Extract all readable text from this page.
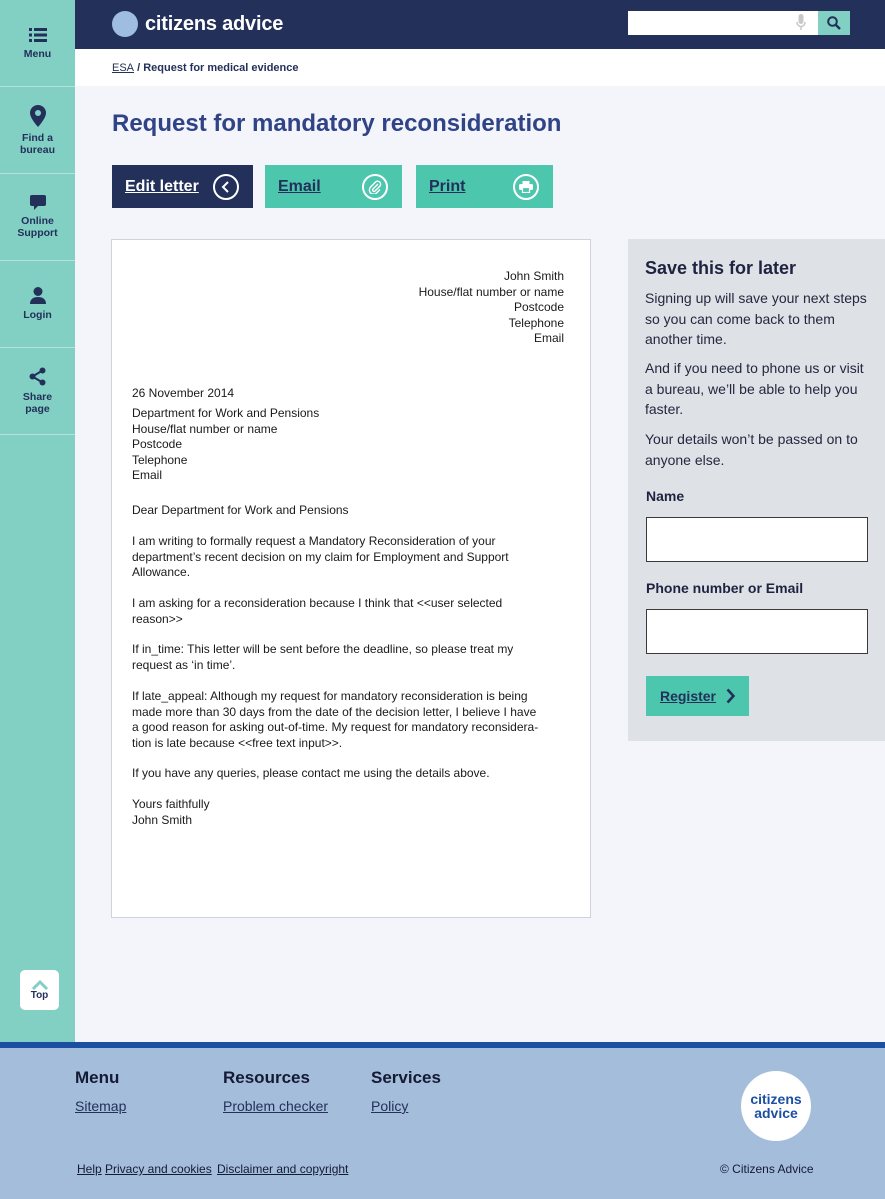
Menu
Find a bureau
Online Support
Login
Share page
Top
citizens advice
ESA / Request for medical evidence
Request for mandatory reconsideration
Edit letter	Email	Print
John Smith
House/flat number or name
Postcode
Telephone
Email
26 November 2014
Department for Work and Pensions
House/flat number or name
Postcode
Telephone
Email
Dear Department for Work and Pensions
I am writing to formally request a Mandatory Reconsideration of your
department’s recent decision on my claim for Employment and Support
Allowance.
I am asking for a reconsideration because I think that <<user selected
reason>>
If in_time: This letter will be sent before the deadline, so please treat my
request as ‘in time’.
If late_appeal: Although my request for mandatory reconsideration is being
made more than 30 days from the date of the decision letter, I believe I have
a good reason for asking out-of-time. My request for mandatory reconsidera-
tion is late because <<free text input>>.
If you have any queries, please contact me using the details above.
Yours faithfully
John Smith
Save this for later

Signing up will save your next steps so you can come back to them another time.

And if you need to phone us or visit a bureau, we’ll be able to help you faster.

Your details won’t be passed on to anyone else.

Name
Phone number or Email
Register
Menu
Sitemap
Resources
Problem checker
Services
Policy
Help Privacy and cookies Disclaimer and copyright	© Citizens Advice
citizens
advice
